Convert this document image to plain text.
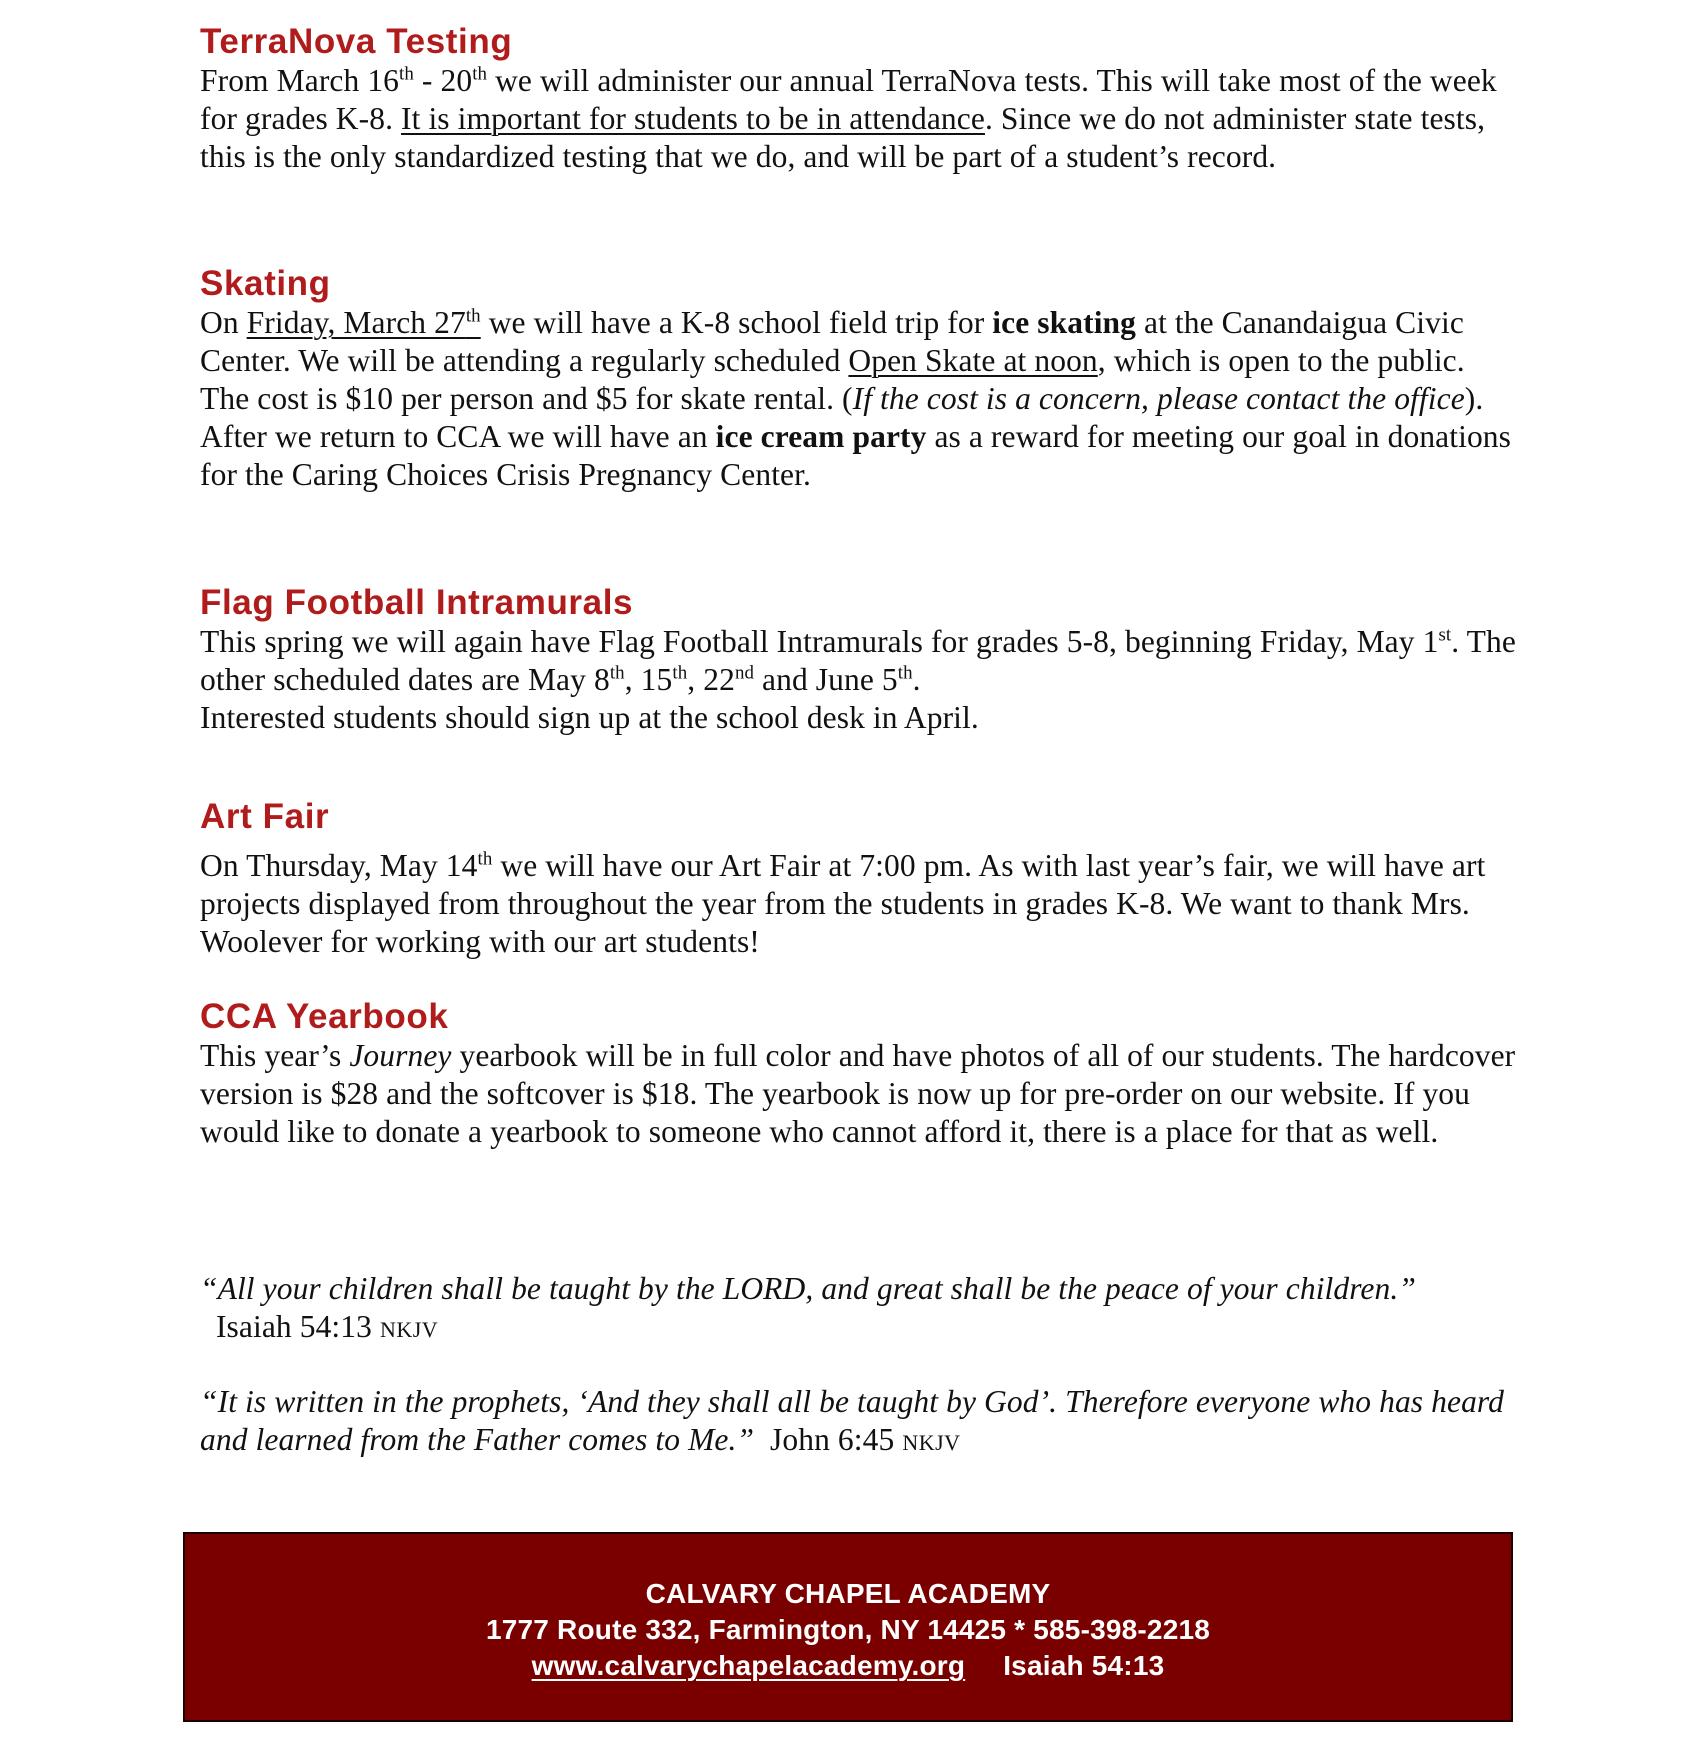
TerraNova Testing

From March 16th - 20th we will administer our annual TerraNova tests. This will take most of the week for grades K-8. It is important for students to be in attendance. Since we do not administer state tests, this is the only standardized testing that we do, and will be part of a student’s record.

Skating

On Friday, March 27th we will have a K-8 school field trip for ice skating at the Canandaigua Civic Center. We will be attending a regularly scheduled Open Skate at noon, which is open to the public. The cost is $10 per person and $5 for skate rental. (If the cost is a concern, please contact the office). After we return to CCA we will have an ice cream party as a reward for meeting our goal in donations for the Caring Choices Crisis Pregnancy Center.

Flag Football Intramurals

This spring we will again have Flag Football Intramurals for grades 5-8, beginning Friday, May 1st. The other scheduled dates are May 8th, 15th, 22nd and June 5th.
Interested students should sign up at the school desk in April.

Art Fair

On Thursday, May 14th we will have our Art Fair at 7:00 pm. As with last year’s fair, we will have art projects displayed from throughout the year from the students in grades K-8. We want to thank Mrs. Woolever for working with our art students!

CCA Yearbook

This year’s Journey yearbook will be in full color and have photos of all of our students. The hardcover version is $28 and the softcover is $18. The yearbook is now up for pre-order on our website. If you would like to donate a yearbook to someone who cannot afford it, there is a place for that as well.

“All your children shall be taught by the LORD, and great shall be the peace of your children.”  Isaiah 54:13 NKJV

“It is written in the prophets, ‘And they shall all be taught by God’. Therefore everyone who has heard and learned from the Father comes to Me.”  John 6:45 NKJV

CALVARY CHAPEL ACADEMY
1777 Route 332, Farmington, NY 14425 * 585-398-2218
www.calvarychapelacademy.org Isaiah 54:13
